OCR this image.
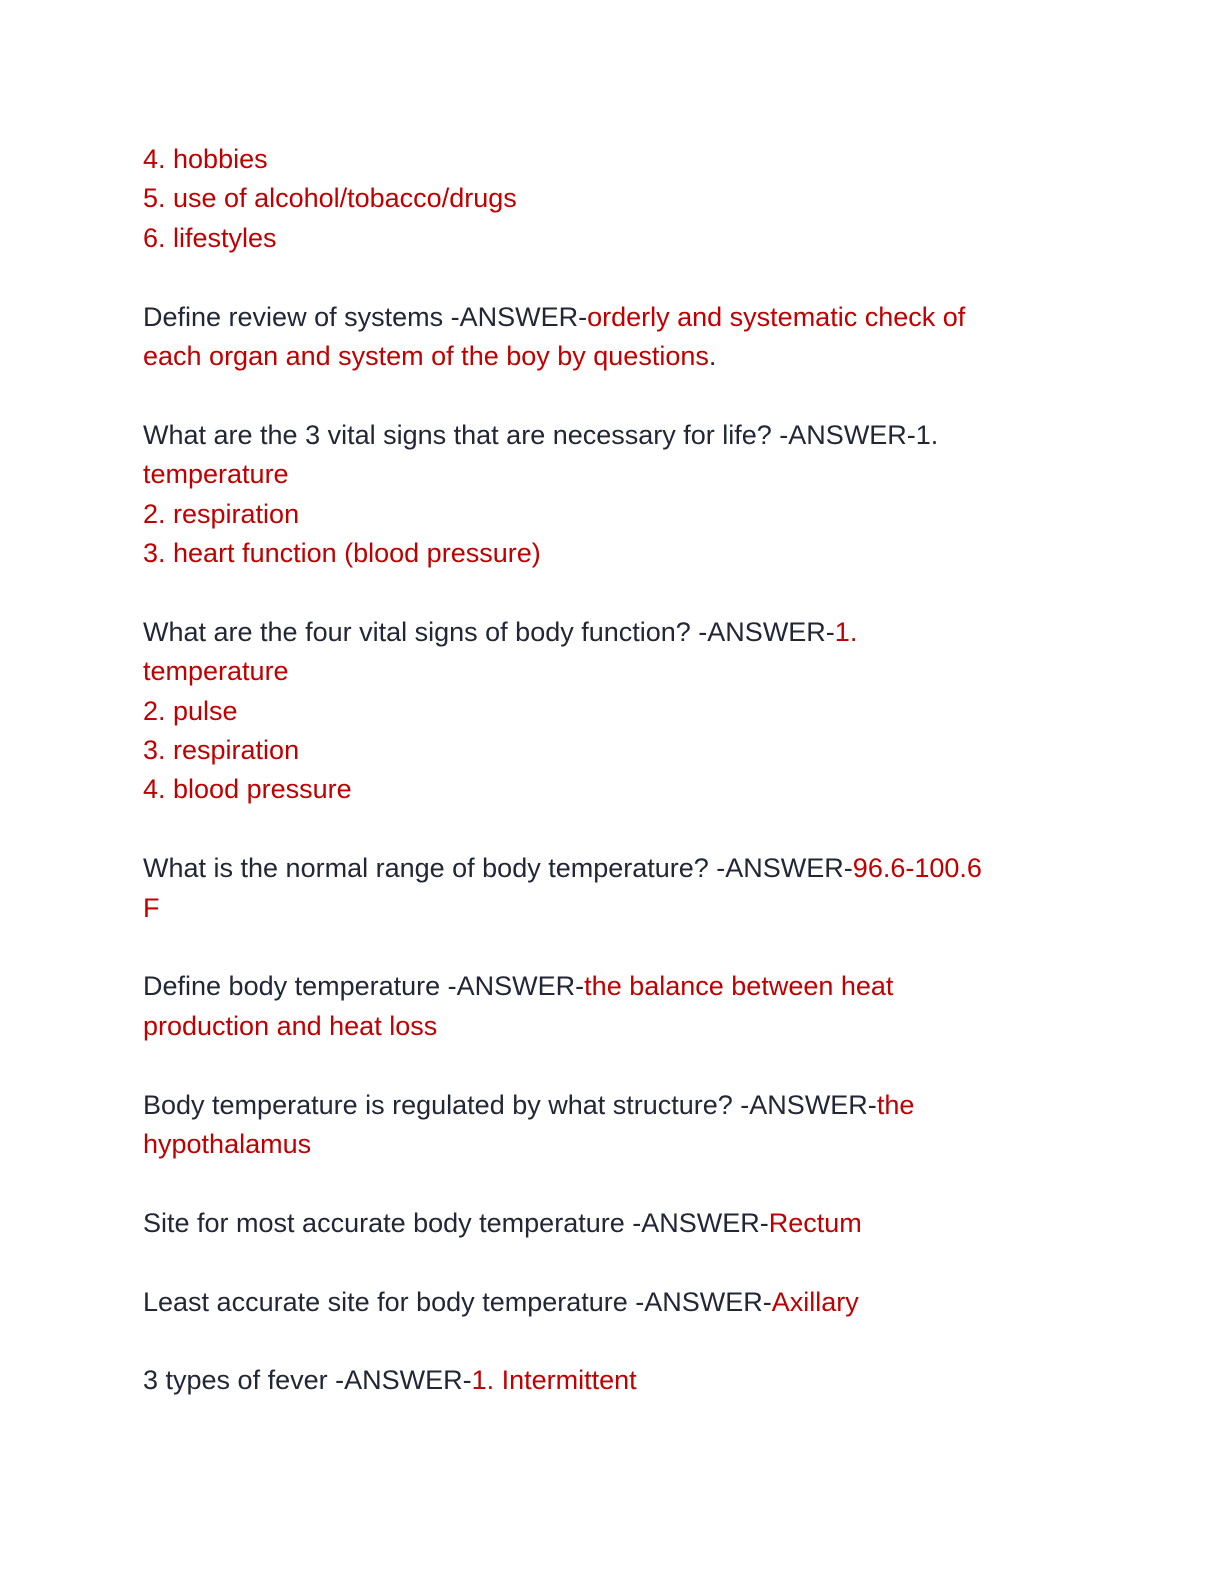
4. hobbies
5. use of alcohol/tobacco/drugs
6. lifestyles
Define review of systems -ANSWER-orderly and systematic check of
each organ and system of the boy by questions.
What are the 3 vital signs that are necessary for life? -ANSWER-1.
temperature
2. respiration
3. heart function (blood pressure)
What are the four vital signs of body function? -ANSWER-1.
temperature
2. pulse
3. respiration
4. blood pressure
What is the normal range of body temperature? -ANSWER-96.6-100.6
F
Define body temperature -ANSWER-the balance between heat
production and heat loss
Body temperature is regulated by what structure? -ANSWER-the
hypothalamus
Site for most accurate body temperature -ANSWER-Rectum
Least accurate site for body temperature -ANSWER-Axillary
3 types of fever -ANSWER-1. Intermittent
